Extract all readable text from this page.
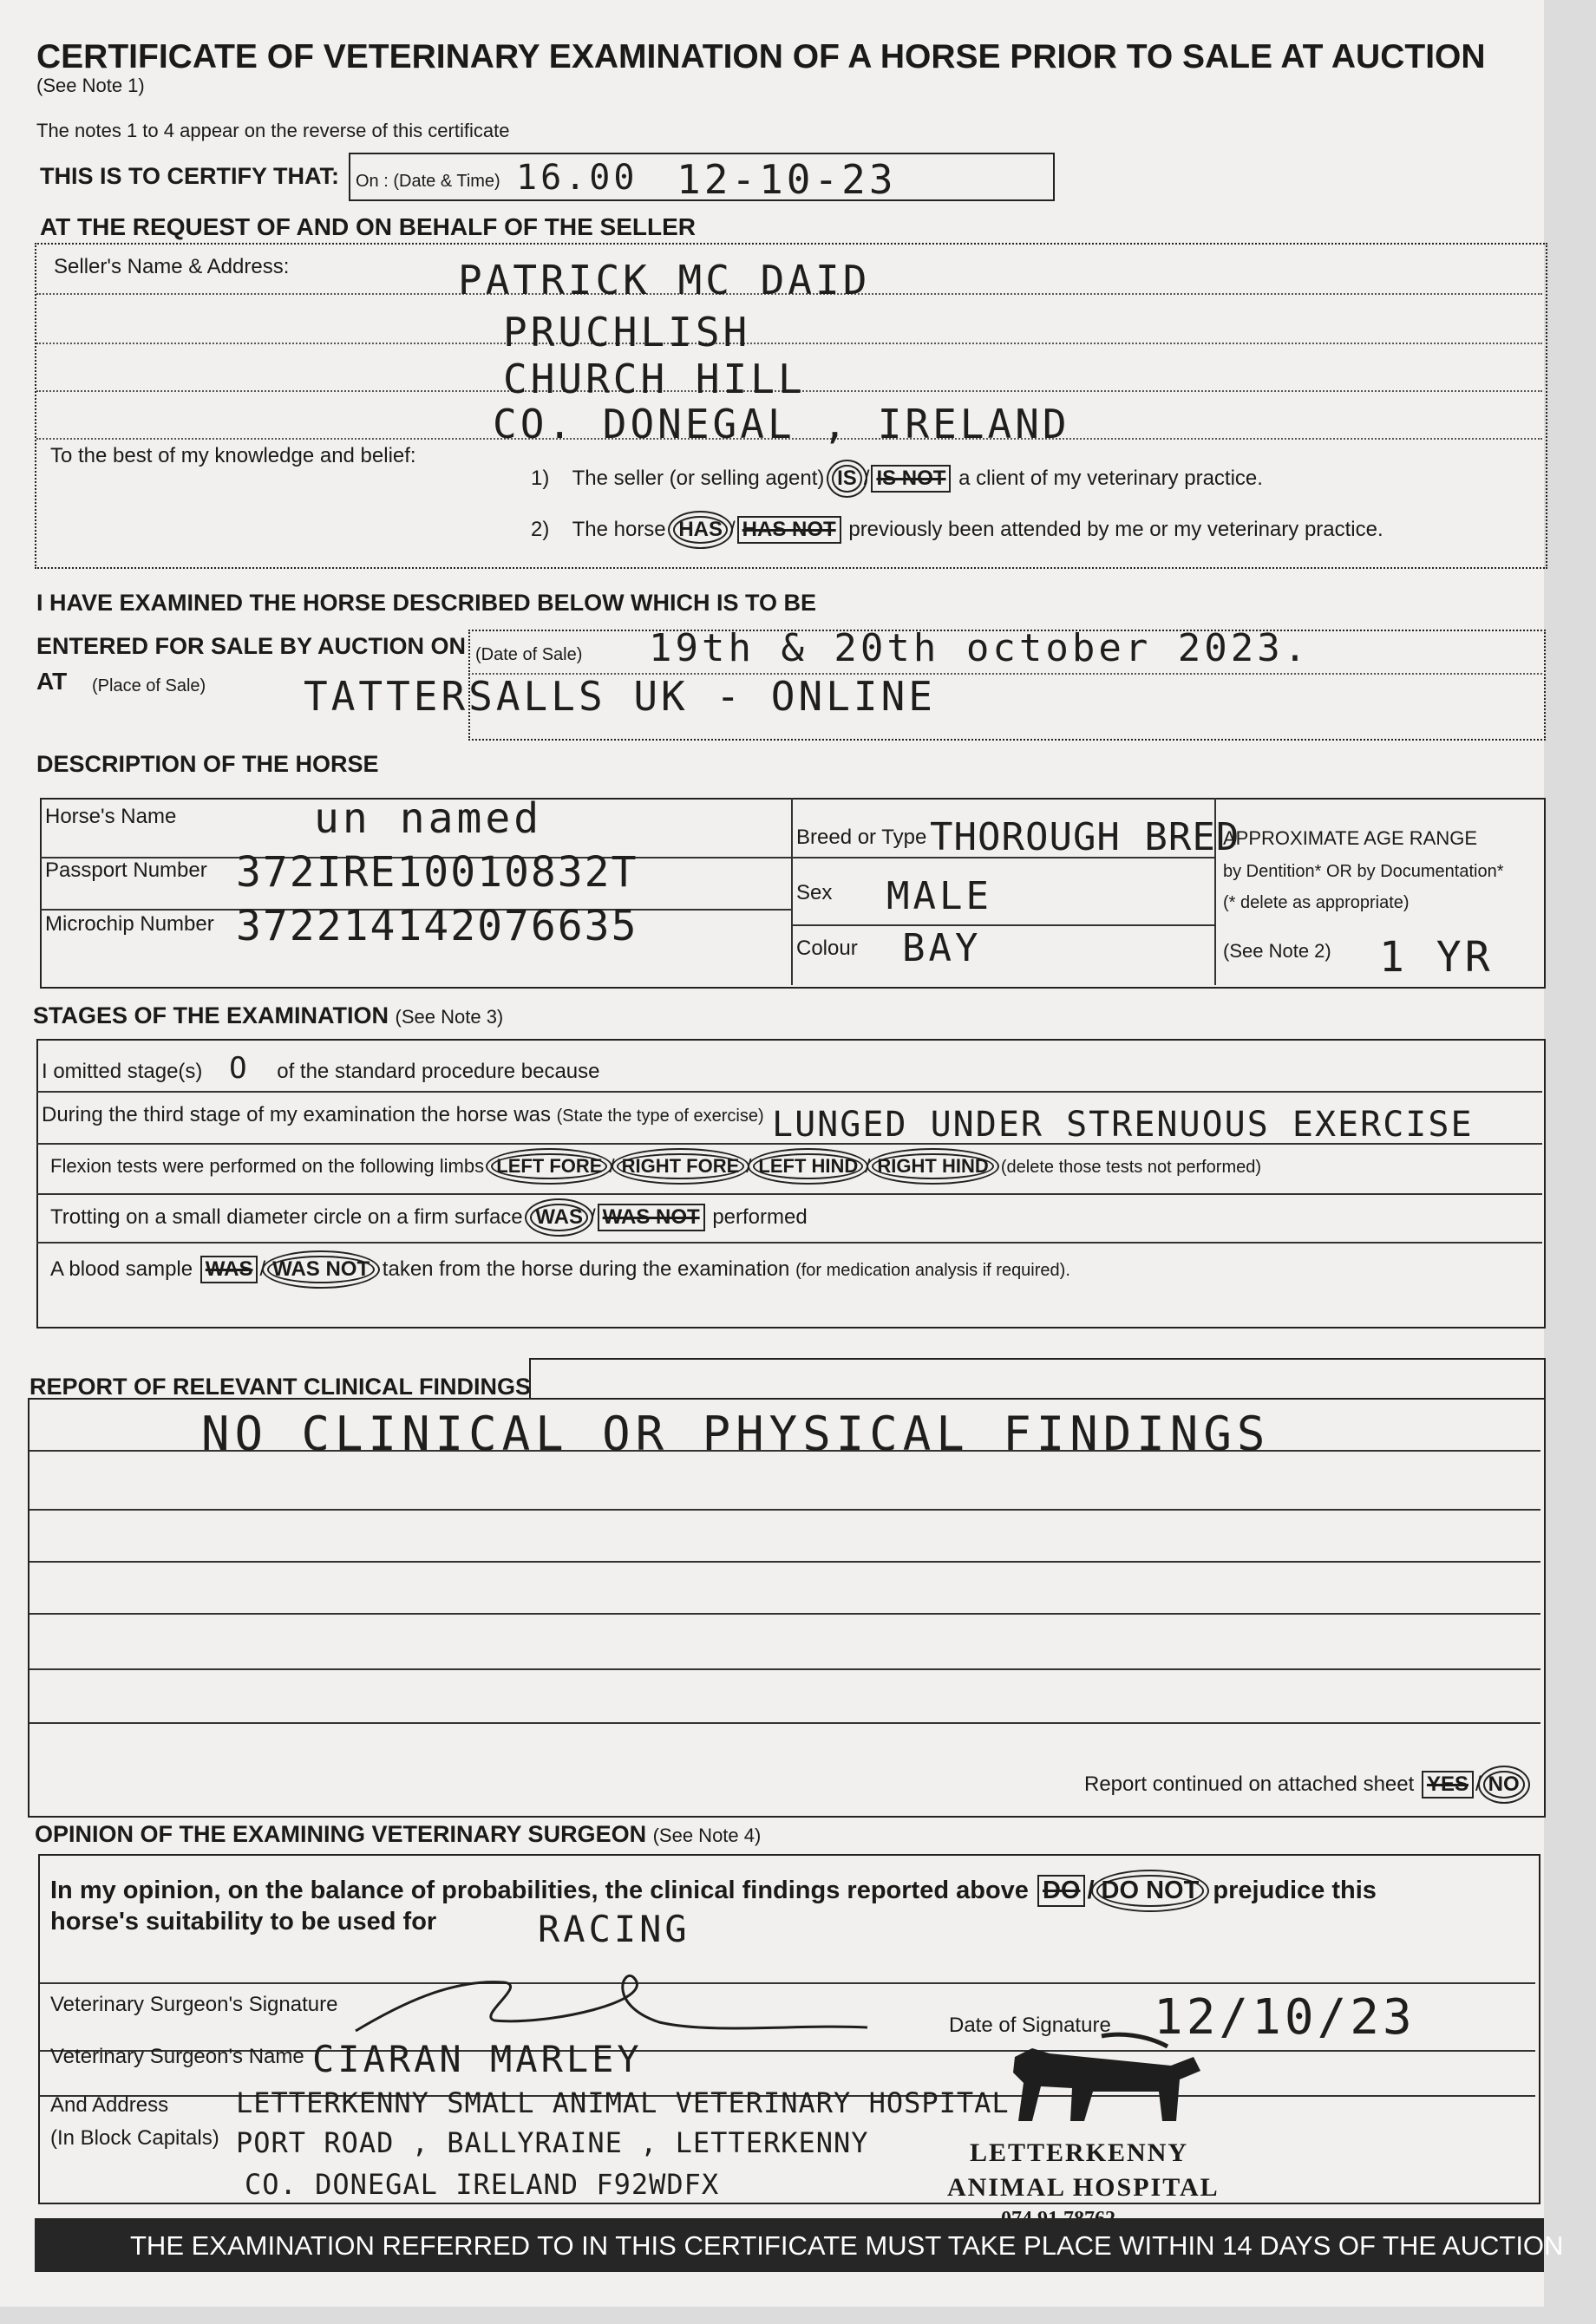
CERTIFICATE OF VETERINARY EXAMINATION OF A HORSE PRIOR TO SALE AT AUCTION
(See Note 1)
The notes 1 to 4 appear on the reverse of this certificate
THIS IS TO CERTIFY THAT: On : (Date & Time) 16.00 12-10-23
AT THE REQUEST OF AND ON BEHALF OF THE SELLER
Seller's Name & Address:	PATRICK MC DAID
PRUCHLISH
CHURCH HILL
CO. DONEGAL , IRELAND
To the best of my knowledge and belief:
1) The seller (or selling agent) IS / IS NOT a client of my veterinary practice.
2) The horse HAS / HAS NOT previously been attended by me or my veterinary practice.
I HAVE EXAMINED THE HORSE DESCRIBED BELOW WHICH IS TO BE
ENTERED FOR SALE BY AUCTION ON (Date of Sale) 19th & 20th october 2023.
AT (Place of Sale) TATTERSALLS UK - ONLINE
DESCRIPTION OF THE HORSE
Horse's Name	un named
Passport Number 372IRE10010832T
Microchip Number 372214142076635
Breed or Type THOROUGH BRED
Sex MALE
Colour BAY
APPROXIMATE AGE RANGE
by Dentition* OR by Documentation*
(* delete as appropriate)
(See Note 2) 1 YR
STAGES OF THE EXAMINATION (See Note 3)
I omitted stage(s) O of the standard procedure because
During the third stage of my examination the horse was (State the type of exercise) LUNGED UNDER STRENUOUS EXERCISE
Flexion tests were performed on the following limbs LEFT FORE / RIGHT FORE / LEFT HIND / RIGHT HIND (delete those tests not performed)
Trotting on a small diameter circle on a firm surface WAS / WAS NOT performed
A blood sample WAS / WAS NOT taken from the horse during the examination (for medication analysis if required).
REPORT OF RELEVANT CLINICAL FINDINGS
NO CLINICAL OR PHYSICAL FINDINGS
Report continued on attached sheet YES / NO
OPINION OF THE EXAMINING VETERINARY SURGEON (See Note 4)
In my opinion, on the balance of probabilities, the clinical findings reported above DO / DO NOT prejudice this
horse's suitability to be used for	RACING
Veterinary Surgeon's Signature
Date of Signature 12/10/23
Veterinary Surgeon's Name CIARAN MARLEY
And Address
(In Block Capitals)
LETTERKENNY SMALL ANIMAL VETERINARY HOSPITAL
PORT ROAD , BALLYRAINE , LETTERKENNY
CO. DONEGAL IRELAND F92WDFX
LETTERKENNY
ANIMAL HOSPITAL
THE EXAMINATION REFERRED TO IN THIS CERTIFICATE MUST TAKE PLACE WITHIN 14 DAYS OF THE AUCTION
